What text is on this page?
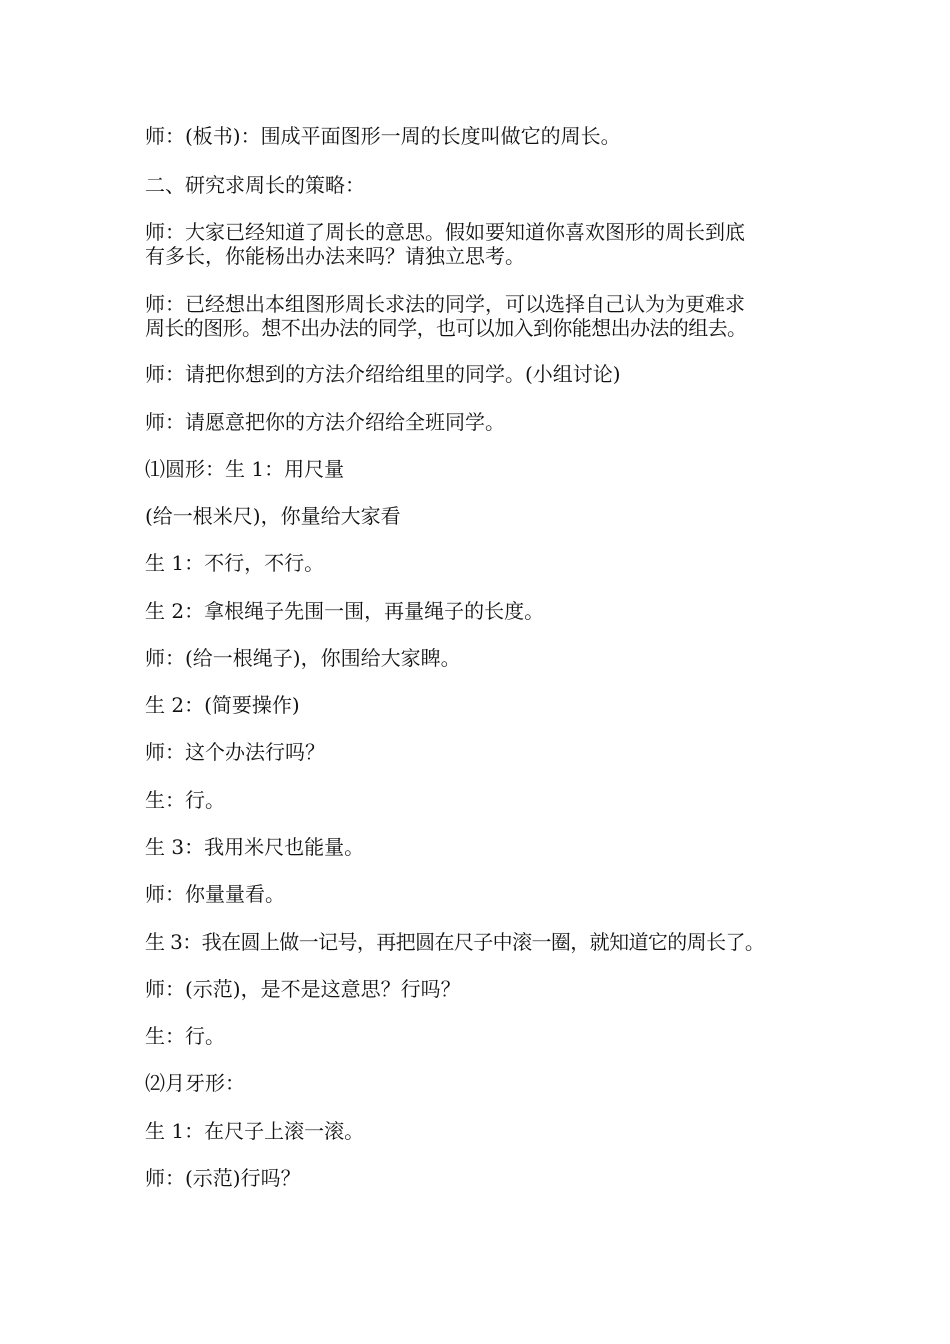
师：(板书)：围成平面图形一周的长度叫做它的周长。

二、研究求周长的策略：

师：大家已经知道了周长的意思。假如要知道你喜欢图形的周长到底
有多长，你能杨出办法来吗？请独立思考。

师：已经想出本组图形周长求法的同学，可以选择自己认为为更难求
周长的图形。想不出办法的同学，也可以加入到你能想出办法的组去。

师：请把你想到的方法介绍给组里的同学。(小组讨论)

师：请愿意把你的方法介绍给全班同学。

⑴圆形：生 1：用尺量

(给一根米尺)，你量给大家看

生 1：不行，不行。

生 2：拿根绳子先围一围，再量绳子的长度。

师：(给一根绳子)，你围给大家睥。

生 2：(简要操作)

师：这个办法行吗？

生：行。

生 3：我用米尺也能量。

师：你量量看。

生 3：我在圆上做一记号，再把圆在尺子中滚一圈，就知道它的周长了。

师：(示范)，是不是这意思？行吗？

生：行。

⑵月牙形：

生 1：在尺子上滚一滚。

师：(示范)行吗？
